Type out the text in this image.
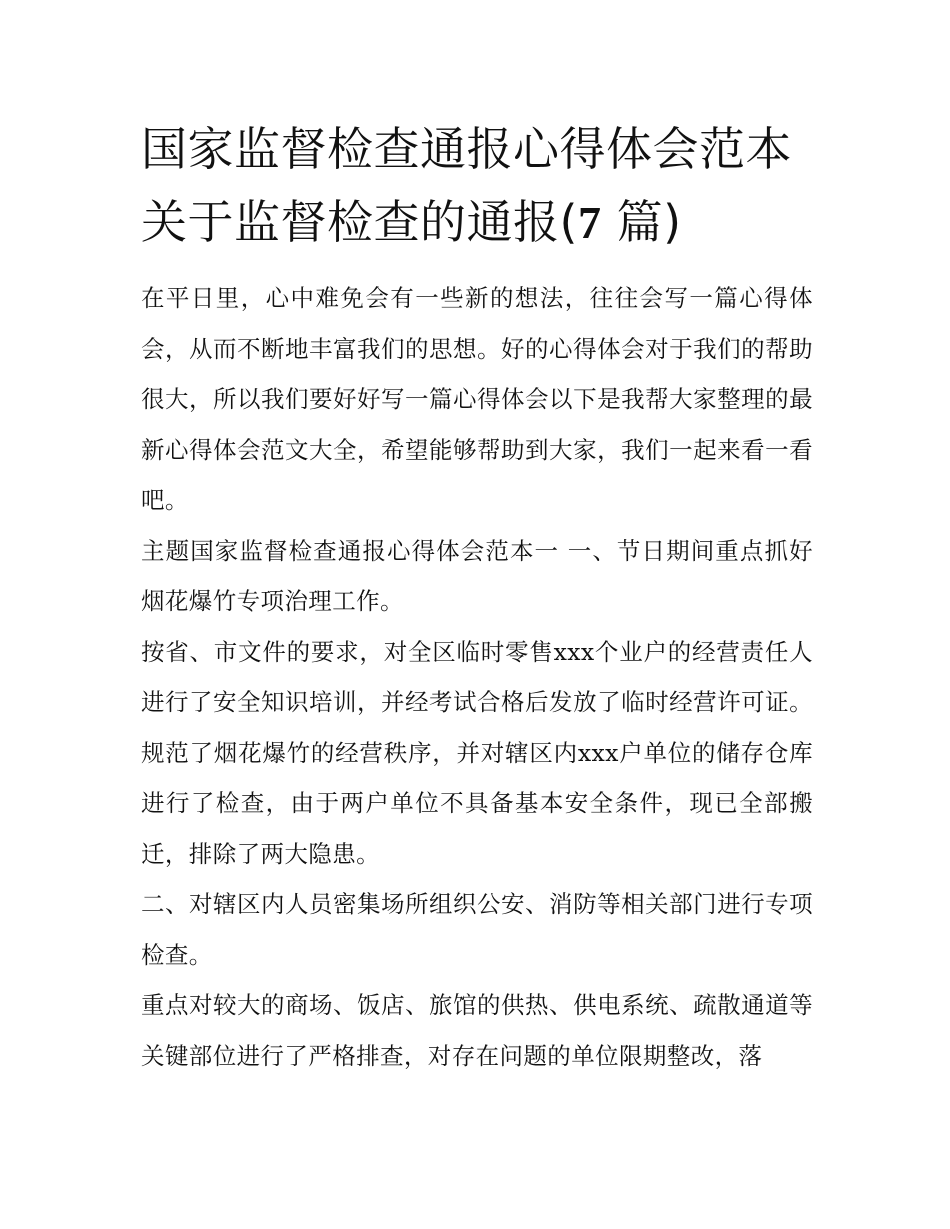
国家监督检查通报心得体会范本 关于监督检查的通报(7 篇)

在平日里，心中难免会有一些新的想法，往往会写一篇心得体会，从而不断地丰富我们的思想。好的心得体会对于我们的帮助很大，所以我们要好好写一篇心得体会以下是我帮大家整理的最新心得体会范文大全，希望能够帮助到大家，我们一起来看一看吧。

主题国家监督检查通报心得体会范本一 一、节日期间重点抓好烟花爆竹专项治理工作。

按省、市文件的要求，对全区临时零售xxx个业户的经营责任人进行了安全知识培训，并经考试合格后发放了临时经营许可证。规范了烟花爆竹的经营秩序，并对辖区内xxx户单位的储存仓库进行了检查，由于两户单位不具备基本安全条件，现已全部搬迁，排除了两大隐患。

二、对辖区内人员密集场所组织公安、消防等相关部门进行专项检查。

重点对较大的商场、饭店、旅馆的供热、供电系统、疏散通道等关键部位进行了严格排查，对存在问题的单位限期整改，落
